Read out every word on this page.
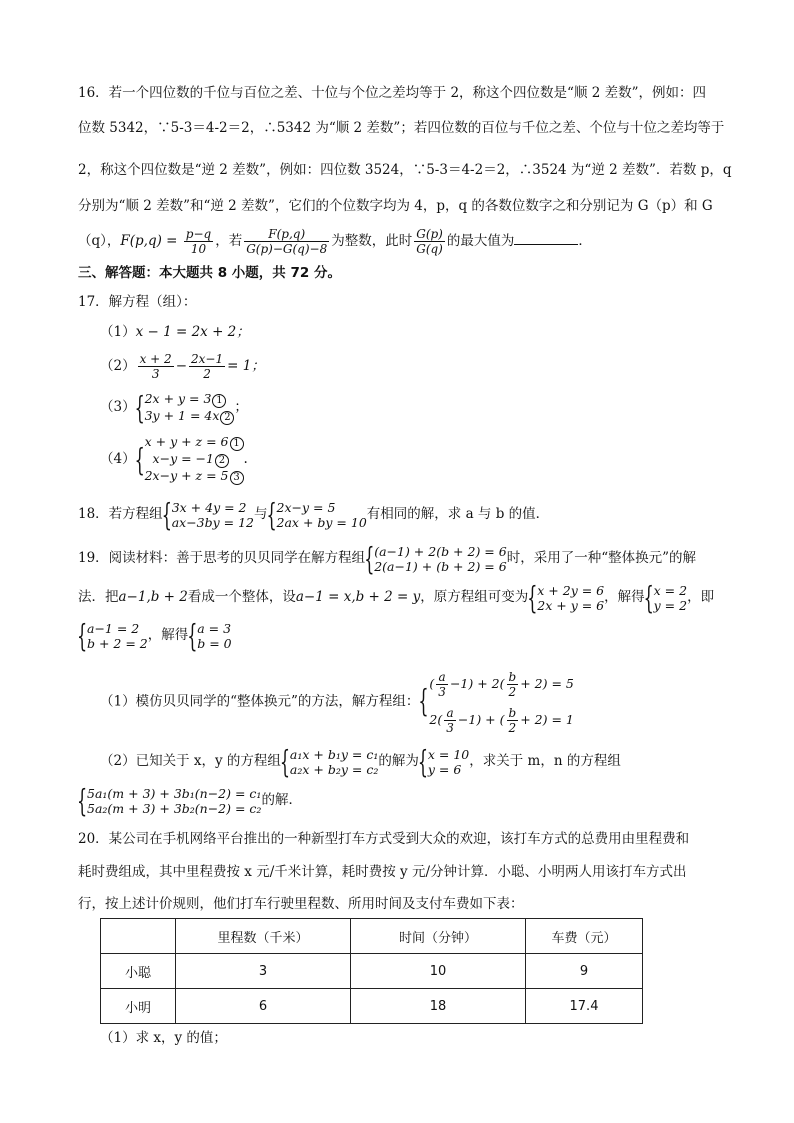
16．若一个四位数的千位与百位之差、十位与个位之差均等于 2，称这个四位数是“顺 2 差数”，例如：四
位数 5342，∵5-3＝4-2＝2，∴5342 为“顺 2 差数”；若四位数的百位与千位之差、个位与十位之差均等于
2，称这个四位数是“逆 2 差数”，例如：四位数 3524，∵5-3＝4-2＝2，∴3524 为“逆 2 差数”．若数 p，q
分别为“顺 2 差数”和“逆 2 差数”，它们的个位数字均为 4，p，q 的各数位数字之和分别记为 G（p）和 G
（q），$F(p,q) = \frac{p-q}{10}$ ，若 $\frac{F(p,q)}{G(p)-G(q)-8}$ 为整数，此时 $\frac{G(p)}{G(q)}$ 的最大值为	．
三、解答题：本大题共 8 小题，共 72 分。
17．解方程（组）：
（1）x − 1 = 2x + 2；
$(2) \frac{x + 2}{3} - \frac{2x-1}{2} = 1$；
（3）
{ 2x + y = 3 1
3y + 1 = 4x 2
；
（4）
{ x + y + z = 6 1
x−y = −1 2
2x−y + z = 5 3
.
18．若方程组 { 3x + 4y = 2
ax−3by = 12 与 { 2x−y = 5
2ax + by = 10 有相同的解，求 a 与 b 的值．
19．阅读材料：善于思考的贝贝同学在解方程组 { (a−1) + 2(b + 2) = 6
2(a−1) + (b + 2) = 6 时，采用了一种“整体换元”的解
法．把a−1,b + 2看成一个整体，设a−1 = x,b + 2 = y，原方程组可变为 { x + 2y = 6
2x + y = 6 ，解得 { x = 2
y = 2 ，即
{ a−1 = 2
b + 2 = 2 ，解得 { a = 3
b = 0
（1）模仿贝贝同学的“整体换元”的方法，解方程组：
{ ( $\frac{a}{3} -1) + 2( \frac{b}{2} + 2) = 5$
$2( \frac{a}{3} -1)$ + ( $\frac{b}{2} + 2) = 1$
（2）已知关于 x，y 的方程组 { a₁x + b₁y = c₁
a₂x + b₂y = c₂ 的解为 { x = 10
y = 6 ，求关于 m，n 的方程组
{ 5a₁(m + 3) + 3b₁(n−2) = c₁
5a₂(m + 3) + 3b₂(n−2) = c₂ 的解．
20．某公司在手机网络平台推出的一种新型打车方式受到大众的欢迎，该打车方式的总费用由里程费和
耗时费组成，其中里程费按 x 元/千米计算，耗时费按 y 元/分钟计算．小聪、小明两人用该打车方式出
行，按上述计价规则，他们打车行驶里程数、所用时间及支付车费如下表：
	里程数（千米）	时间（分钟）	车费（元）
小聪	3	10	9
小明	6	18	17.4
（1）求 x，y 的值；
